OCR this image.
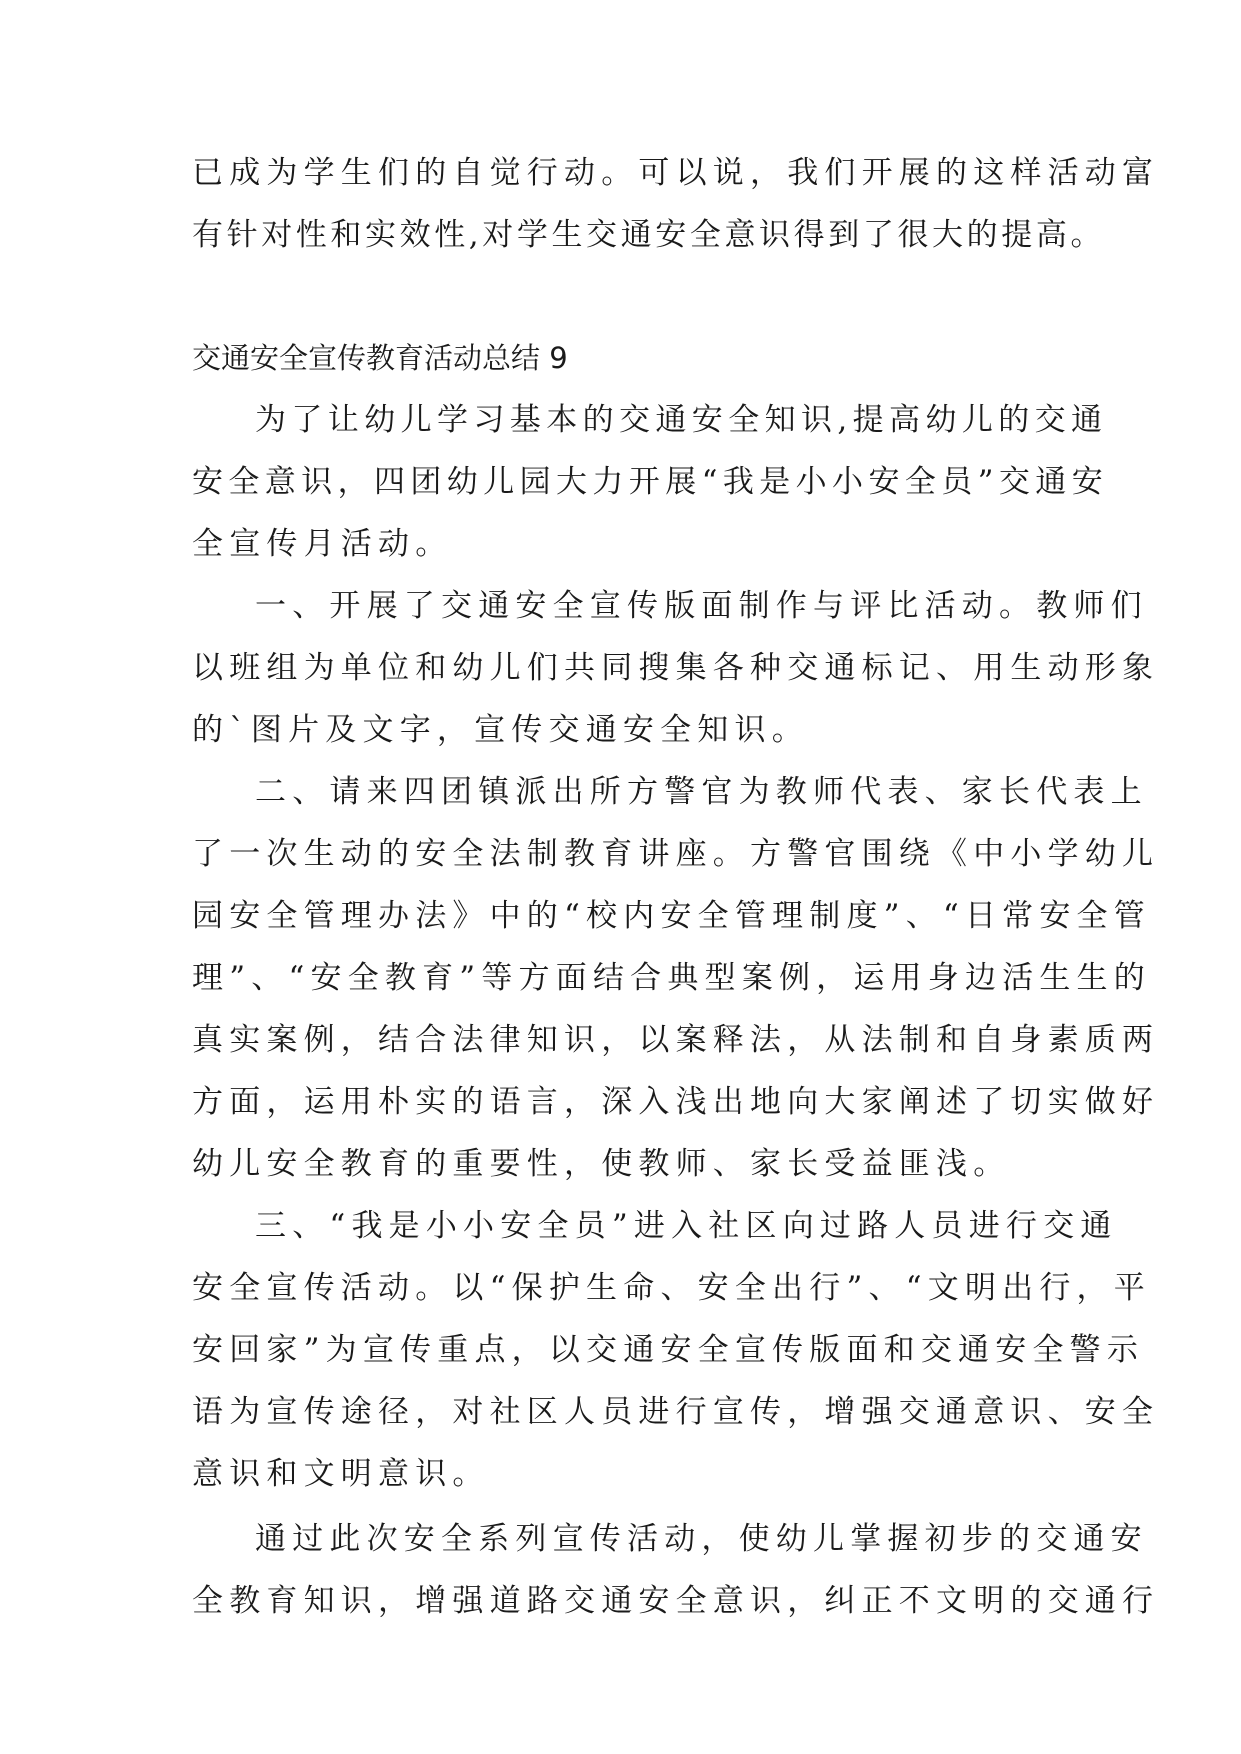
已成为学生们的自觉行动。可以说，我们开展的这样活动富

有针对性和实效性,对学生交通安全意识得到了很大的提高。

交通安全宣传教育活动总结 9

为了让幼儿学习基本的交通安全知识,提高幼儿的交通

安全意识，四团幼儿园大力开展“我是小小安全员”交通安

全宣传月活动。

一、开展了交通安全宣传版面制作与评比活动。教师们

以班组为单位和幼儿们共同搜集各种交通标记、用生动形象

的`图片及文字，宣传交通安全知识。

二、请来四团镇派出所方警官为教师代表、家长代表上

了一次生动的安全法制教育讲座。方警官围绕《中小学幼儿

园安全管理办法》中的“校内安全管理制度”、“日常安全管

理”、“安全教育”等方面结合典型案例，运用身边活生生的

真实案例，结合法律知识，以案释法，从法制和自身素质两

方面，运用朴实的语言，深入浅出地向大家阐述了切实做好

幼儿安全教育的重要性，使教师、家长受益匪浅。

三、“我是小小安全员”进入社区向过路人员进行交通

安全宣传活动。以“保护生命、安全出行”、“文明出行，平

安回家”为宣传重点，以交通安全宣传版面和交通安全警示

语为宣传途径，对社区人员进行宣传，增强交通意识、安全

意识和文明意识。

通过此次安全系列宣传活动，使幼儿掌握初步的交通安

全教育知识，增强道路交通安全意识，纠正不文明的交通行
